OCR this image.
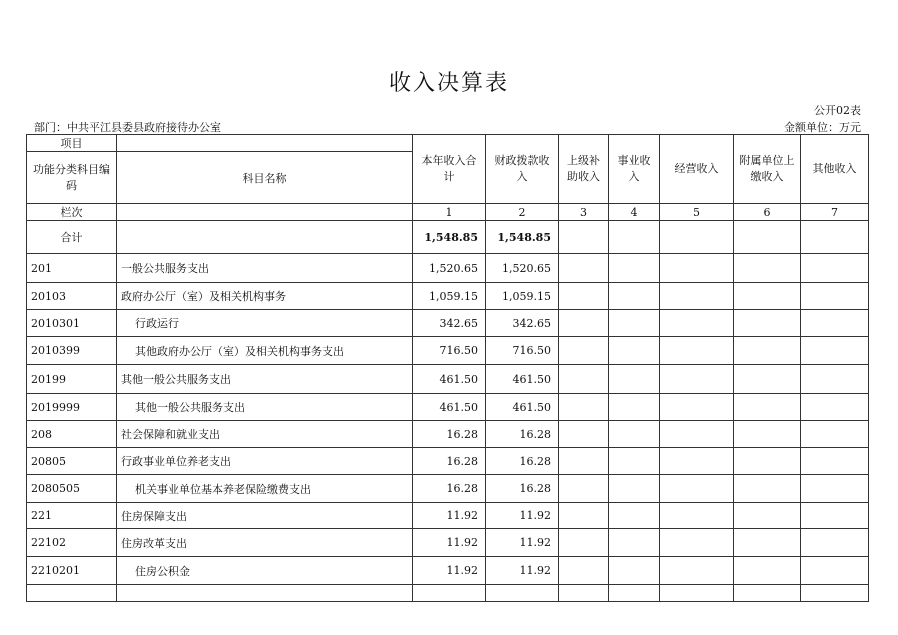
收入决算表
公开02表
部门：中共平江县委县政府接待办公室	金额单位：万元
项目		本年收入合计	财政拨款收入	上级补助收入	事业收入	经营收入	附属单位上缴收入	其他收入
功能分类科目编码	科目名称							
栏次		1	2	3	4	5	6	7
合计		1,548.85	1,548.85					
201	一般公共服务支出	1,520.65	1,520.65					
20103	政府办公厅（室）及相关机构事务	1,059.15	1,059.15					
2010301	行政运行	342.65	342.65					
2010399	其他政府办公厅（室）及相关机构事务支出	716.50	716.50					
20199	其他一般公共服务支出	461.50	461.50					
2019999	其他一般公共服务支出	461.50	461.50					
208	社会保障和就业支出	16.28	16.28					
20805	行政事业单位养老支出	16.28	16.28					
2080505	机关事业单位基本养老保险缴费支出	16.28	16.28					
221	住房保障支出	11.92	11.92					
22102	住房改革支出	11.92	11.92					
2210201	住房公积金	11.92	11.92					
